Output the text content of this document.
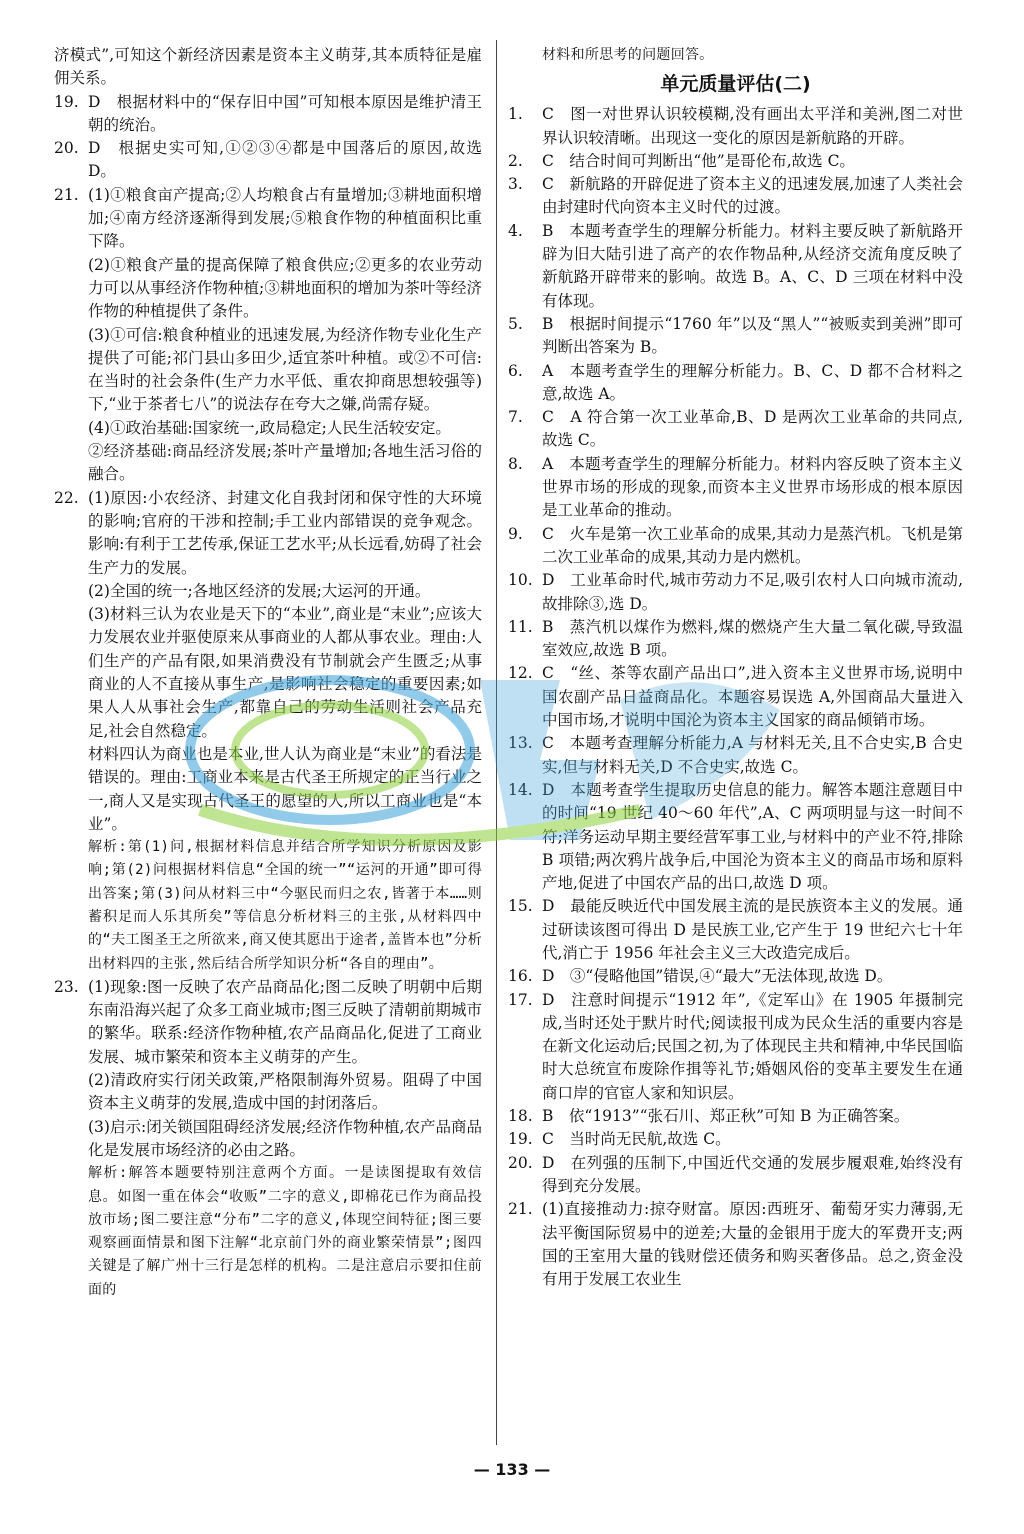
济模式”,可知这个新经济因素是资本主义萌芽,其本质特征是雇佣关系。
19. D　根据材料中的“保存旧中国”可知根本原因是维护清王朝的统治。
20. D　根据史实可知,①②③④都是中国落后的原因,故选 D。
21. (1)①粮食亩产提高;②人均粮食占有量增加;③耕地面积增加;④南方经济逐渐得到发展;⑤粮食作物的种植面积比重下降。
(2)①粮食产量的提高保障了粮食供应;②更多的农业劳动力可以从事经济作物种植;③耕地面积的增加为茶叶等经济作物的种植提供了条件。
(3)①可信:粮食种植业的迅速发展,为经济作物专业化生产提供了可能;祁门县山多田少,适宜茶叶种植。或②不可信:在当时的社会条件(生产力水平低、重农抑商思想较强等)下,“业于茶者七八”的说法存在夸大之嫌,尚需存疑。
(4)①政治基础:国家统一,政局稳定;人民生活较安定。
②经济基础:商品经济发展;茶叶产量增加;各地生活习俗的融合。
22. (1)原因:小农经济、封建文化自我封闭和保守性的大环境的影响;官府的干涉和控制;手工业内部错误的竞争观念。影响:有利于工艺传承,保证工艺水平;从长远看,妨碍了社会生产力的发展。
(2)全国的统一;各地区经济的发展;大运河的开通。
(3)材料三认为农业是天下的“本业”,商业是“末业”;应该大力发展农业并驱使原来从事商业的人都从事农业。理由:人们生产的产品有限,如果消费没有节制就会产生匮乏;从事商业的人不直接从事生产,是影响社会稳定的重要因素;如果人人从事社会生产,都靠自己的劳动生活则社会产品充足,社会自然稳定。
材料四认为商业也是本业,世人认为商业是“末业”的看法是错误的。理由:工商业本来是古代圣王所规定的正当行业之一,商人又是实现古代圣王的愿望的人,所以工商业也是“本业”。
解析:第(1)问,根据材料信息并结合所学知识分析原因及影响;第(2)问根据材料信息“全国的统一”“运河的开通”即可得出答案;第(3)问从材料三中“今驱民而归之农,皆著于本……则蓄积足而人乐其所矣”等信息分析材料三的主张,从材料四中的“夫工图圣王之所欲来,商又使其愿出于途者,盖皆本也”分析出材料四的主张,然后结合所学知识分析“各自的理由”。
23. (1)现象:图一反映了农产品商品化;图二反映了明朝中后期东南沿海兴起了众多工商业城市;图三反映了清朝前期城市的繁华。联系:经济作物种植,农产品商品化,促进了工商业发展、城市繁荣和资本主义萌芽的产生。
(2)清政府实行闭关政策,严格限制海外贸易。阻碍了中国资本主义萌芽的发展,造成中国的封闭落后。
(3)启示:闭关锁国阻碍经济发展;经济作物种植,农产品商品化是发展市场经济的必由之路。
解析:解答本题要特别注意两个方面。一是读图提取有效信息。如图一重在体会“收贩”二字的意义,即棉花已作为商品投放市场;图二要注意“分布”二字的意义,体现空间特征;图三要观察画面情景和图下注解“北京前门外的商业繁荣情景”;图四关键是了解广州十三行是怎样的机构。二是注意启示要扣住前面的
材料和所思考的问题回答。
单元质量评估(二)
1.	C　图一对世界认识较模糊,没有画出太平洋和美洲,图二对世界认识较清晰。出现这一变化的原因是新航路的开辟。
2.	C　结合时间可判断出“他”是哥伦布,故选 C。
3.	C　新航路的开辟促进了资本主义的迅速发展,加速了人类社会由封建时代向资本主义时代的过渡。
4.	B　本题考查学生的理解分析能力。材料主要反映了新航路开辟为旧大陆引进了高产的农作物品种,从经济交流角度反映了新航路开辟带来的影响。故选 B。A、C、D 三项在材料中没有体现。
5.	B　根据时间提示“1760 年”以及“黑人”“被贩卖到美洲”即可判断出答案为 B。
6.	A　本题考查学生的理解分析能力。B、C、D 都不合材料之意,故选 A。
7.	C　A 符合第一次工业革命,B、D 是两次工业革命的共同点,故选 C。
8.	A　本题考查学生的理解分析能力。材料内容反映了资本主义世界市场的形成的现象,而资本主义世界市场形成的根本原因是工业革命的推动。
9.	C　火车是第一次工业革命的成果,其动力是蒸汽机。飞机是第二次工业革命的成果,其动力是内燃机。
10. D　工业革命时代,城市劳动力不足,吸引农村人口向城市流动,故排除③,选 D。
11. B　蒸汽机以煤作为燃料,煤的燃烧产生大量二氧化碳,导致温室效应,故选 B 项。
12. C　“丝、茶等农副产品出口”,进入资本主义世界市场,说明中国农副产品日益商品化。本题容易误选 A,外国商品大量进入中国市场,才说明中国沦为资本主义国家的商品倾销市场。
13. C　本题考查理解分析能力,A 与材料无关,且不合史实,B 合史实,但与材料无关,D 不合史实,故选 C。
14. D　本题考查学生提取历史信息的能力。解答本题注意题目中的时间“19 世纪 40～60 年代”,A、C 两项明显与这一时间不符;洋务运动早期主要经营军事工业,与材料中的产业不符,排除 B 项错;两次鸦片战争后,中国沦为资本主义的商品市场和原料产地,促进了中国农产品的出口,故选 D 项。
15. D　最能反映近代中国发展主流的是民族资本主义的发展。通过研读该图可得出 D 是民族工业,它产生于 19 世纪六七十年代,消亡于 1956 年社会主义三大改造完成后。
16. D　③“侵略他国”错误,④“最大”无法体现,故选 D。
17. D　注意时间提示“1912 年”,《定军山》在 1905 年摄制完成,当时还处于默片时代;阅读报刊成为民众生活的重要内容是在新文化运动后;民国之初,为了体现民主共和精神,中华民国临时大总统宣布废除作揖等礼节;婚姻风俗的变革主要发生在通商口岸的官宦人家和知识层。
18. B　依“1913”“张石川、郑正秋”可知 B 为正确答案。
19. C　当时尚无民航,故选 C。
20. D　在列强的压制下,中国近代交通的发展步履艰难,始终没有得到充分发展。
21. (1)直接推动力:掠夺财富。原因:西班牙、葡萄牙实力薄弱,无法平衡国际贸易中的逆差;大量的金银用于庞大的军费开支;两国的王室用大量的钱财偿还债务和购买奢侈品。总之,资金没有用于发展工农业生
— 133 —
